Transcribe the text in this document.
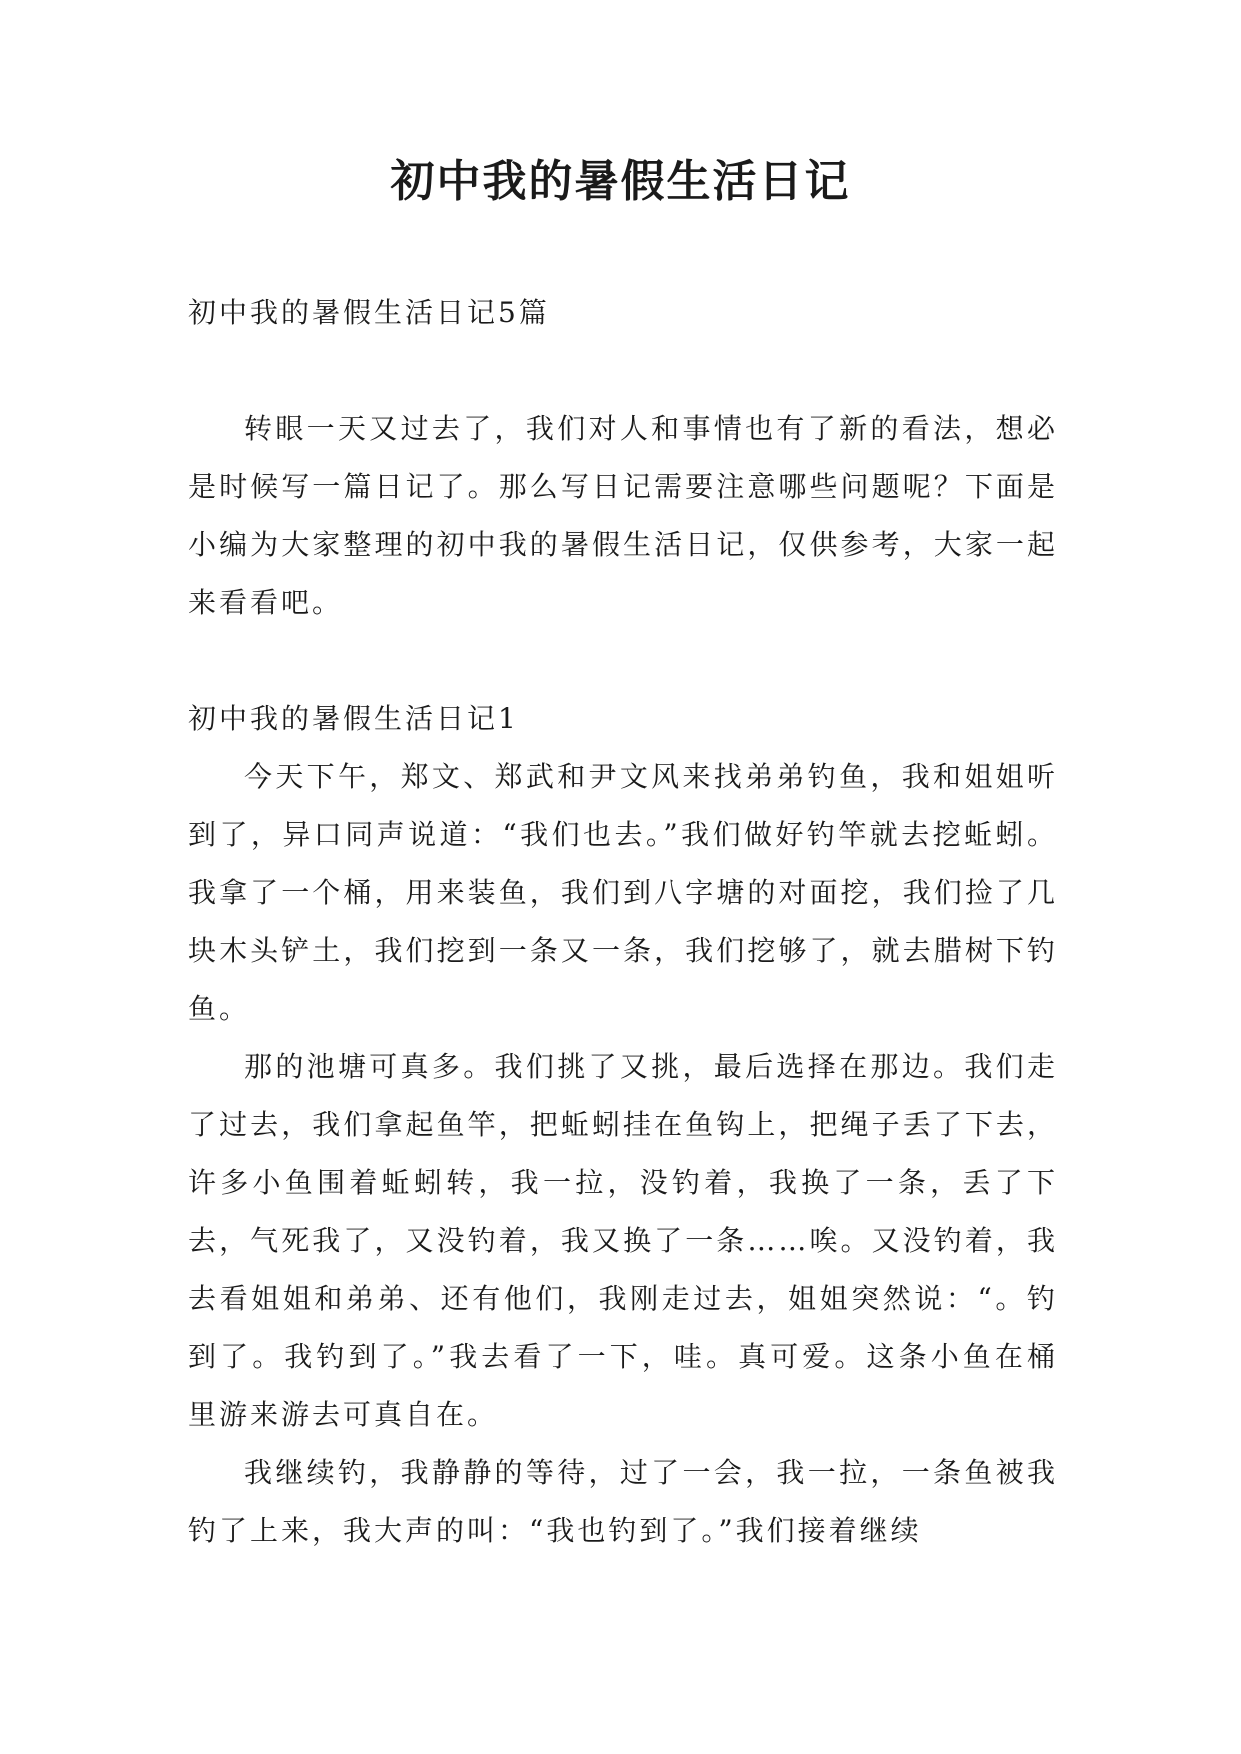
初中我的暑假生活日记

初中我的暑假生活日记5篇

转眼一天又过去了，我们对人和事情也有了新的看法，想必是时候写一篇日记了。那么写日记需要注意哪些问题呢？下面是小编为大家整理的初中我的暑假生活日记，仅供参考，大家一起来看看吧。

初中我的暑假生活日记1

今天下午，郑文、郑武和尹文风来找弟弟钓鱼，我和姐姐听到了，异口同声说道：“我们也去。”我们做好钓竿就去挖蚯蚓。我拿了一个桶，用来装鱼，我们到八字塘的对面挖，我们捡了几块木头铲土，我们挖到一条又一条，我们挖够了，就去腊树下钓鱼。

那的池塘可真多。我们挑了又挑，最后选择在那边。我们走了过去，我们拿起鱼竿，把蚯蚓挂在鱼钩上，把绳子丢了下去，许多小鱼围着蚯蚓转，我一拉，没钓着，我换了一条，丢了下去，气死我了，又没钓着，我又换了一条……唉。又没钓着，我去看姐姐和弟弟、还有他们，我刚走过去，姐姐突然说：“。钓到了。我钓到了。”我去看了一下，哇。真可爱。这条小鱼在桶里游来游去可真自在。

我继续钓，我静静的等待，过了一会，我一拉，一条鱼被我钓了上来，我大声的叫：“我也钓到了。”我们接着继续
